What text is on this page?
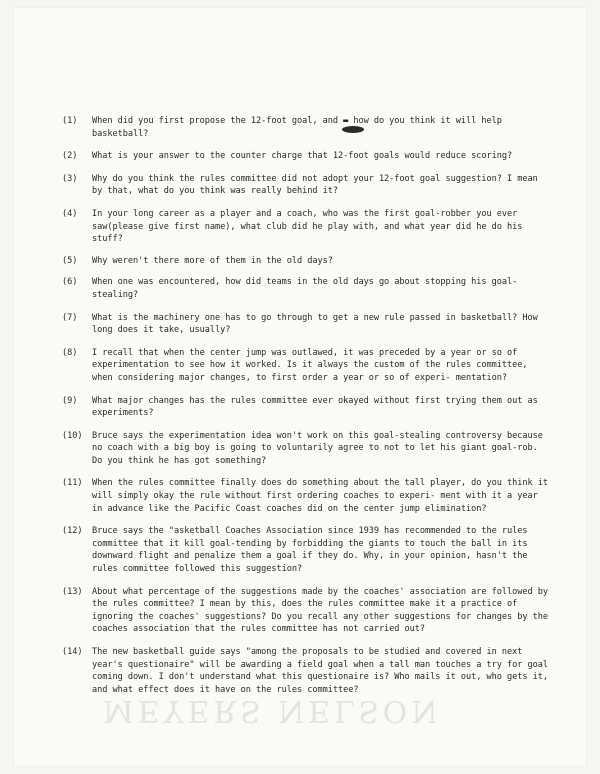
MEYERS NELSON
(1)	When did you first propose the 12-foot goal, and ▬ how do you think it will help basketball?
(2)	What is your answer to the counter charge that 12-foot goals would reduce scoring?
(3)	Why do you think the rules committee did not adopt your 12-foot goal suggestion? I mean by that, what do you think was really behind it?
(4)	In your long career as a player and a coach, who was the first goal-robber you ever saw(please give first name), what club did he play with, and what year did he do his stuff?
(5)	Why weren't there more of them in the old days?
(6)	When one was encountered, how did teams in the old days go about stopping his goal-stealing?
(7)	What is the machinery one has to go through to get a new rule passed in basketball? How long does it take, usually?
(8)	I recall that when the center jump was outlawed, it was preceded by a year or so of experimentation to see how it worked. Is it always the custom of the rules committee, when considering major changes, to first order a year or so of experi- mentation?
(9)	What major changes has the rules committee ever okayed without first trying them out as experiments?
(10)	Bruce says the experimentation idea won't work on this goal-stealing controversy because no coach with a big boy is going to voluntarily agree to not to let his giant goal-rob. Do you think he has got something?
(11)	When the rules committee finally does do something about the tall player, do you think it will simply okay the rule without first ordering coaches to experi- ment with it a year in advance like the Pacific Coast coaches did on the center jump elimination?
(12)	Bruce says the "asketball Coaches Association since 1939 has recommended to the rules committee that it kill goal-tending by forbidding the giants to touch the ball in its downward flight and penalize them a goal if they do. Why, in your opinion, hasn't the rules committee followed this suggestion?
(13)	About what percentage of the suggestions made by the coaches' association are followed by the rules committee? I mean by this, does the rules committee make it a practice of ignoring the coaches' suggestions? Do you recall any other suggestions for changes by the coaches association that the rules committee has not carried out?
(14)	The new basketball guide says "among the proposals to be studied and covered in next year's questionaire" will be awarding a field goal when a tall man touches a try for goal coming down. I don't understand what this questionaire is? Who mails it out, who gets it, and what effect does it have on the rules committee?
